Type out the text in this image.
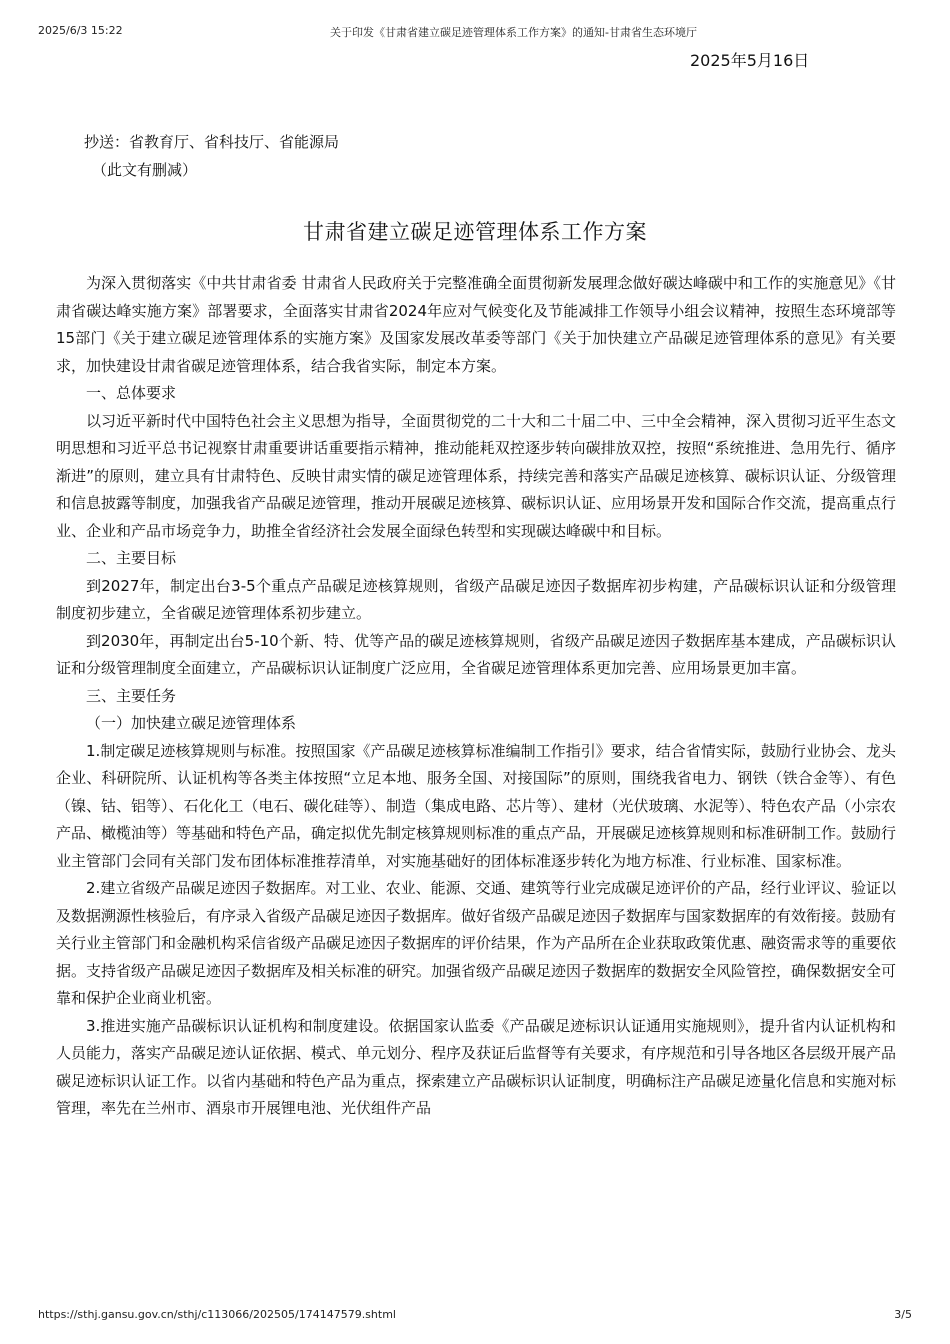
2025/6/3 15:22	关于印发《甘肃省建立碳足迹管理体系工作方案》的通知-甘肃省生态环境厅
2025年5月16日
抄送：省教育厅、省科技厅、省能源局
（此文有删减）
甘肃省建立碳足迹管理体系工作方案

为深入贯彻落实《中共甘肃省委 甘肃省人民政府关于完整准确全面贯彻新发展理念做好碳达峰碳中和工作的实施意见》《甘肃省碳达峰实施方案》部署要求，全面落实甘肃省2024年应对气候变化及节能减排工作领导小组会议精神，按照生态环境部等15部门《关于建立碳足迹管理体系的实施方案》及国家发展改革委等部门《关于加快建立产品碳足迹管理体系的意见》有关要求，加快建设甘肃省碳足迹管理体系，结合我省实际，制定本方案。

一、总体要求

以习近平新时代中国特色社会主义思想为指导，全面贯彻党的二十大和二十届二中、三中全会精神，深入贯彻习近平生态文明思想和习近平总书记视察甘肃重要讲话重要指示精神，推动能耗双控逐步转向碳排放双控，按照“系统推进、急用先行、循序渐进”的原则，建立具有甘肃特色、反映甘肃实情的碳足迹管理体系，持续完善和落实产品碳足迹核算、碳标识认证、分级管理和信息披露等制度，加强我省产品碳足迹管理，推动开展碳足迹核算、碳标识认证、应用场景开发和国际合作交流，提高重点行业、企业和产品市场竞争力，助推全省经济社会发展全面绿色转型和实现碳达峰碳中和目标。

二、主要目标

到2027年，制定出台3-5个重点产品碳足迹核算规则，省级产品碳足迹因子数据库初步构建，产品碳标识认证和分级管理制度初步建立，全省碳足迹管理体系初步建立。

到2030年，再制定出台5-10个新、特、优等产品的碳足迹核算规则，省级产品碳足迹因子数据库基本建成，产品碳标识认证和分级管理制度全面建立，产品碳标识认证制度广泛应用，全省碳足迹管理体系更加完善、应用场景更加丰富。

三、主要任务

（一）加快建立碳足迹管理体系

1.制定碳足迹核算规则与标准。按照国家《产品碳足迹核算标准编制工作指引》要求，结合省情实际，鼓励行业协会、龙头企业、科研院所、认证机构等各类主体按照“立足本地、服务全国、对接国际”的原则，围绕我省电力、钢铁（铁合金等）、有色（镍、钴、铝等）、石化化工（电石、碳化硅等）、制造（集成电路、芯片等）、建材（光伏玻璃、水泥等）、特色农产品（小宗农产品、橄榄油等）等基础和特色产品，确定拟优先制定核算规则标准的重点产品，开展碳足迹核算规则和标准研制工作。鼓励行业主管部门会同有关部门发布团体标准推荐清单，对实施基础好的团体标准逐步转化为地方标准、行业标准、国家标准。

2.建立省级产品碳足迹因子数据库。对工业、农业、能源、交通、建筑等行业完成碳足迹评价的产品，经行业评议、验证以及数据溯源性核验后，有序录入省级产品碳足迹因子数据库。做好省级产品碳足迹因子数据库与国家数据库的有效衔接。鼓励有关行业主管部门和金融机构采信省级产品碳足迹因子数据库的评价结果，作为产品所在企业获取政策优惠、融资需求等的重要依据。支持省级产品碳足迹因子数据库及相关标准的研究。加强省级产品碳足迹因子数据库的数据安全风险管控，确保数据安全可靠和保护企业商业机密。

3.推进实施产品碳标识认证机构和制度建设。依据国家认监委《产品碳足迹标识认证通用实施规则》，提升省内认证机构和人员能力，落实产品碳足迹认证依据、模式、单元划分、程序及获证后监督等有关要求，有序规范和引导各地区各层级开展产品碳足迹标识认证工作。以省内基础和特色产品为重点，探索建立产品碳标识认证制度，明确标注产品碳足迹量化信息和实施对标管理，率先在兰州市、酒泉市开展锂电池、光伏组件产品

https://sthj.gansu.gov.cn/sthj/c113066/202505/174147579.shtml	3/5
